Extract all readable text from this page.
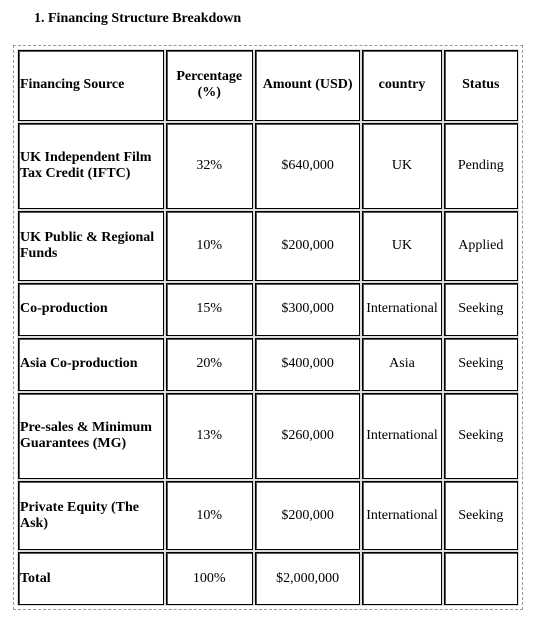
1. Financing Structure Breakdown
Financing Source	Percentage (%)	Amount (USD)	country	Status
UK Independent Film Tax Credit (IFTC)	32%	$640,000	UK	Pending
UK Public & Regional Funds	10%	$200,000	UK	Applied
Co-production	15%	$300,000	International	Seeking
Asia Co-production	20%	$400,000	Asia	Seeking
Pre-sales & Minimum Guarantees (MG)	13%	$260,000	International	Seeking
Private Equity (The Ask)	10%	$200,000	International	Seeking
Total	100%	$2,000,000		
